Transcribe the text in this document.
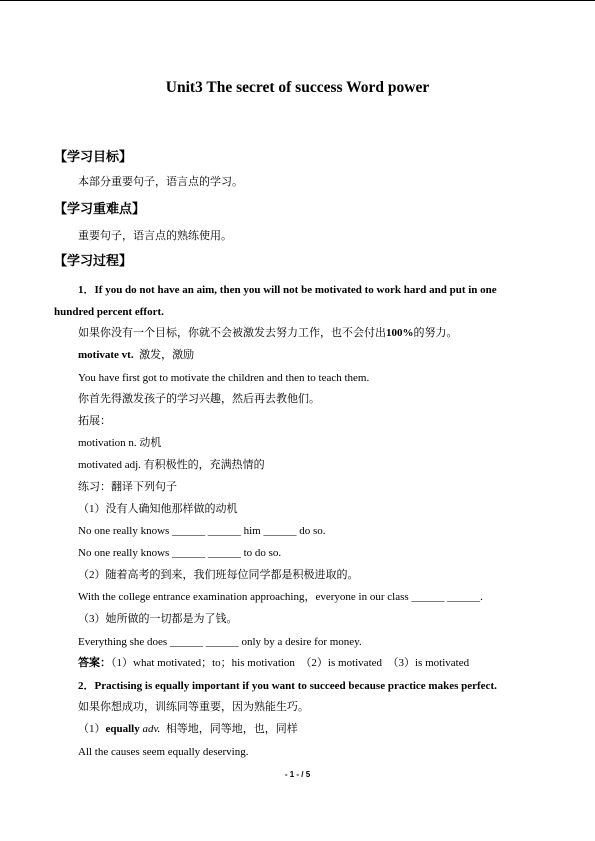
Unit3 The secret of success Word power
【学习目标】
本部分重要句子，语言点的学习。
【学习重难点】
重要句子，语言点的熟练使用。
【学习过程】
1．If you do not have an aim, then you will not be motivated to work hard and put in one
hundred percent effort.
如果你没有一个目标，你就不会被激发去努力工作，也不会付出100%的努力。
motivate vt. 激发，激励
You have first got to motivate the children and then to teach them.
你首先得激发孩子的学习兴趣，然后再去教他们。
拓展：
motivation n. 动机
motivated adj. 有积极性的，充满热情的
练习：翻译下列句子
（1）没有人确知他那样做的动机
No one really knows ______ ______ him ______ do so.
No one really knows ______ ______ to do so.
（2）随着高考的到来，我们班每位同学都是积极进取的。
With the college entrance examination approaching，everyone in our class ______ ______.
（3）她所做的一切都是为了钱。
Everything she does ______ ______ only by a desire for money.
答案：（1）what motivated；to；his motivation　（2）is motivated　（3）is motivated
2．Practising is equally important if you want to succeed because practice makes perfect.
如果你想成功，训练同等重要，因为熟能生巧。
（1）equally adv. 相等地，同等地，也，同样
All the causes seem equally deserving.
- 1 - / 5
